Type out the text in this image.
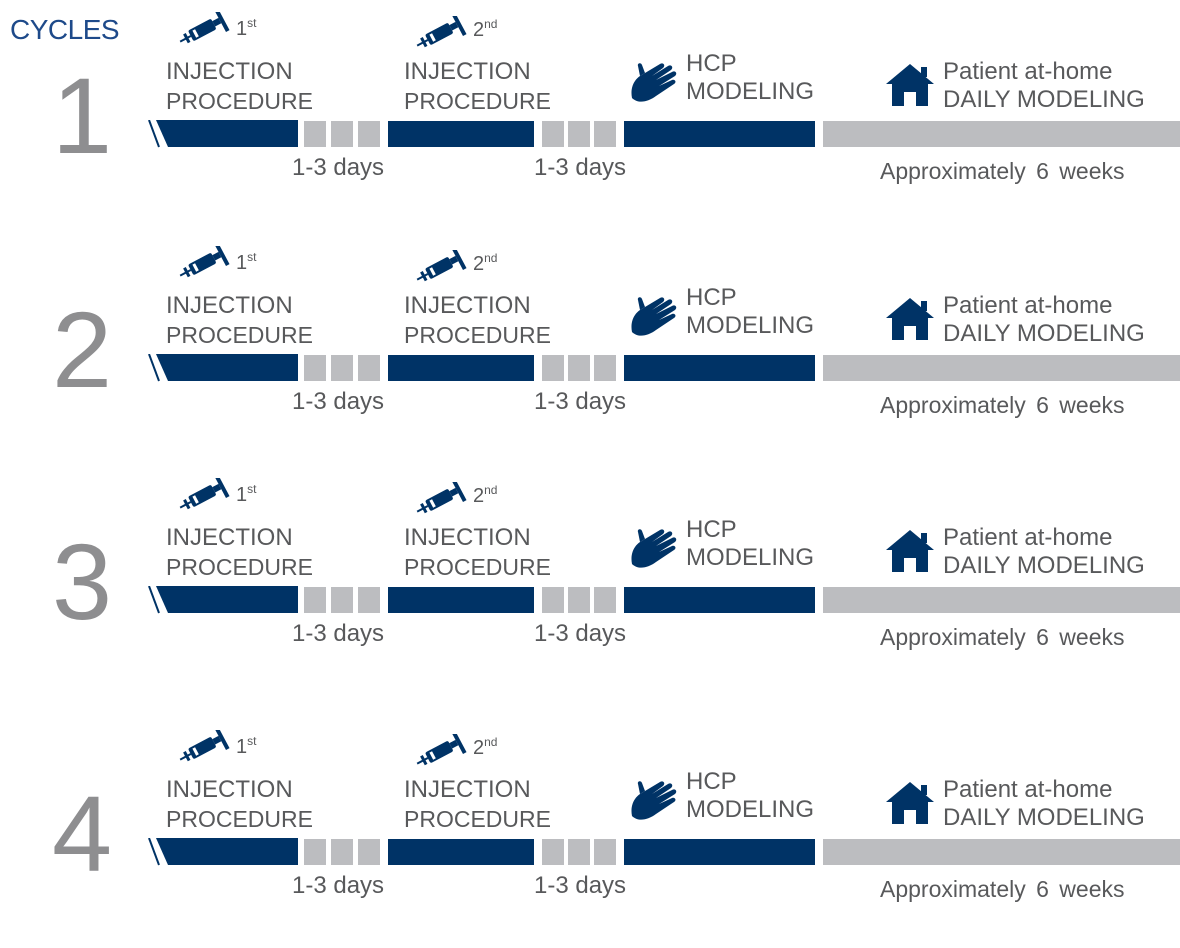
CYCLES
1
1st
INJECTION
PROCEDURE
2nd
INJECTION
PROCEDURE
HCP
MODELING
Patient at-home
DAILY MODELING
1-3 days	1-3 days	Approximately 6 weeks
2
1st
INJECTION
PROCEDURE
2nd
INJECTION
PROCEDURE
HCP
MODELING
Patient at-home
DAILY MODELING
1-3 days	1-3 days	Approximately 6 weeks
3
1st
INJECTION
PROCEDURE
2nd
INJECTION
PROCEDURE
HCP
MODELING
Patient at-home
DAILY MODELING
1-3 days	1-3 days	Approximately 6 weeks
4
1st
INJECTION
PROCEDURE
2nd
INJECTION
PROCEDURE
HCP
MODELING
Patient at-home
DAILY MODELING
1-3 days	1-3 days	Approximately 6 weeks
